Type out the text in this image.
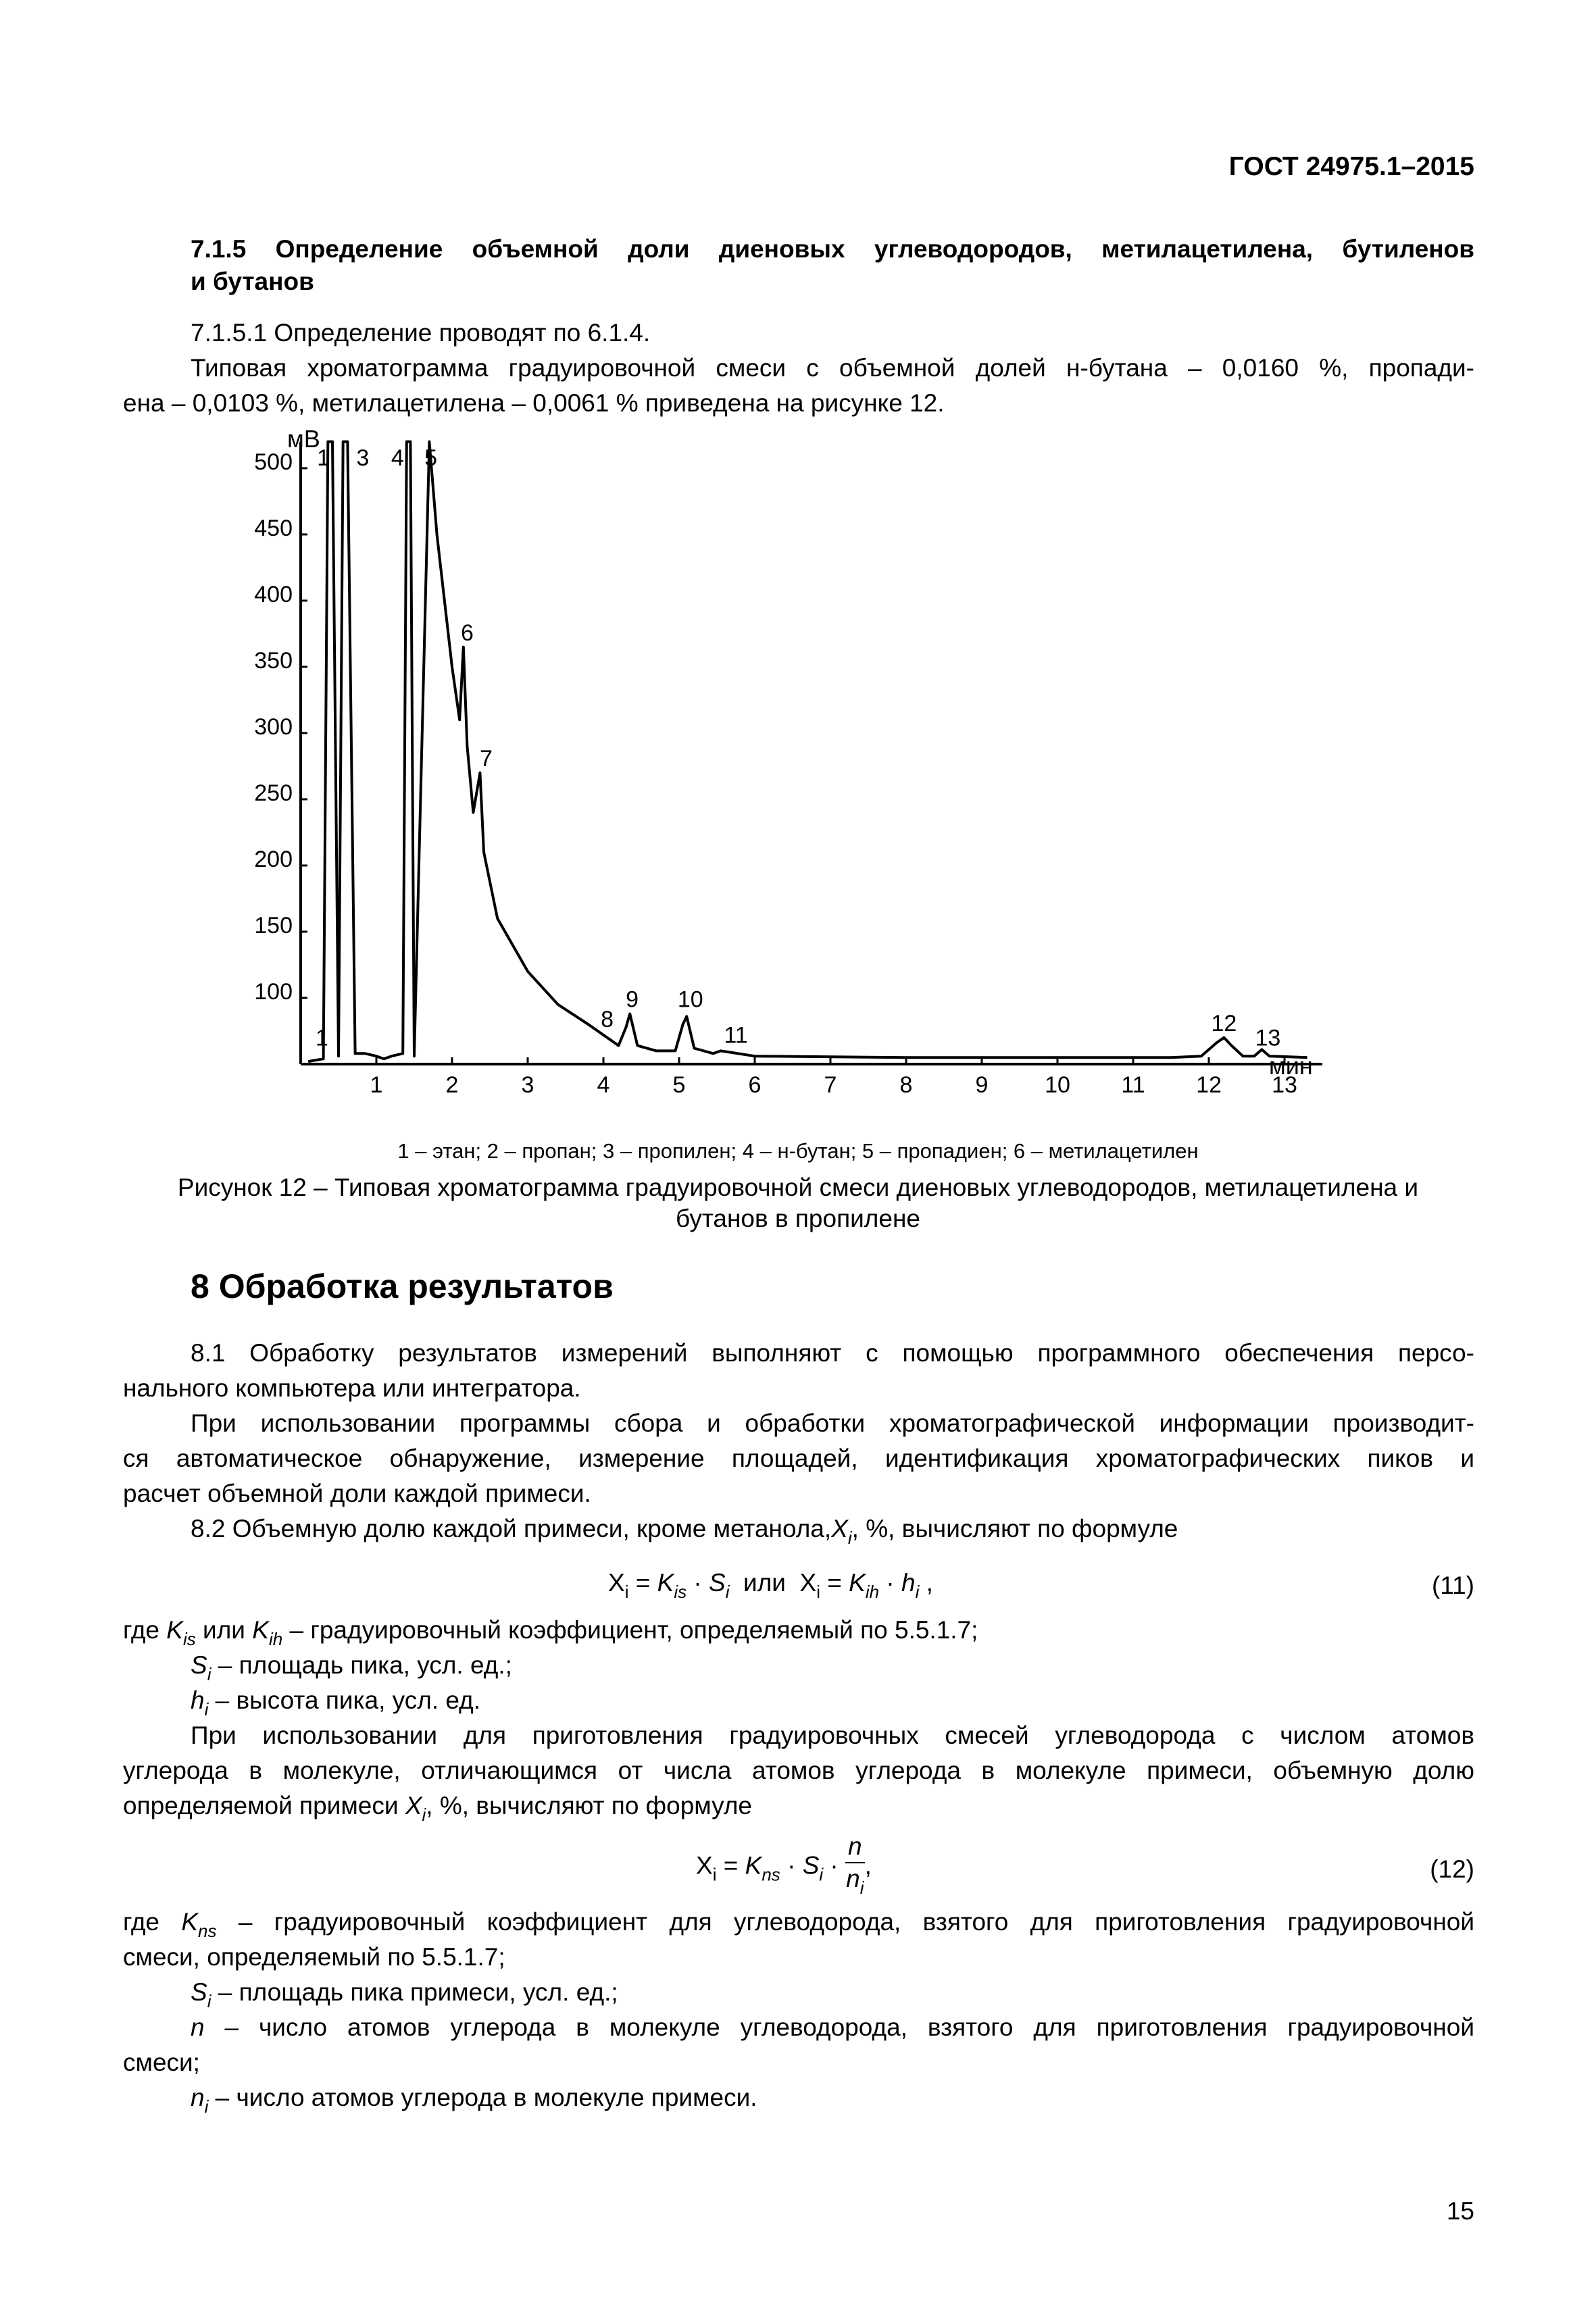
ГОСТ 24975.1–2015
7.1.5 Определение объемной доли диеновых углеводородов, метилацетилена, бутиленов
и бутанов
7.1.5.1 Определение проводят по 6.1.4.
Типовая хроматограмма градуировочной смеси с объемной долей н-бутана – 0,0160 %, пропади-
ена – 0,0103 %, метилацетилена – 0,0061 % приведена на рисунке 12.
100
150
200
250
300
350
400
450
500
1	2	3	4	5	6	7	8	9 10 11 12 13
1 3 4 5
6
7
8
9 10
11	12
13
1
мВ
мин
1 – этан; 2 – пропан; 3 – пропилен; 4 – н-бутан; 5 – пропадиен; 6 – метилацетилен
Рисунок 12 – Типовая хроматограмма градуировочной смеси диеновых углеводородов, метилацетилена и
бутанов в пропилене
8 Обработка результатов
8.1 Обработку результатов измерений выполняют с помощью программного обеспечения персо-
нального компьютера или интегратора.
При использовании программы сбора и обработки хроматографической информации производит-
ся автоматическое обнаружение, измерение площадей, идентификация хроматографических пиков и
расчет объемной доли каждой примеси.
8.2 Объемную долю каждой примеси, кроме $метанола,X_i$, %, вычисляют по формуле
$X_i = K_{is} \cdot S_i$  или  $X_i = K_{ih} \cdot h_i$ ,	(11)
где $K_{is}$ или $K_{ih}$ – градуировочный коэффициент, определяемый по 5.5.1.7;
$S_i$ – площадь пика, усл. ед.;
$h_i$ – высота пика, усл. ед.
При использовании для приготовления градуировочных смесей углеводорода с числом атомов
углерода в молекуле, отличающимся от числа атомов углерода в молекуле примеси, объемную долю
определяемой примеси $X_i$, %, вычисляют по формуле
$X_i = K_{ns} \cdot S_i \cdot \frac{n}{n_i}$ ,	(12)
где $K_{ns}$ – градуировочный коэффициент для углеводорода, взятого для приготовления градуировочной
смеси, определяемый по 5.5.1.7;
$S_i$ – площадь пика примеси, усл. ед.;
n – число атомов углерода в молекуле углеводорода, взятого для приготовления градуировочной
смеси;
$n_i$ – число атомов углерода в молекуле примеси.
15
